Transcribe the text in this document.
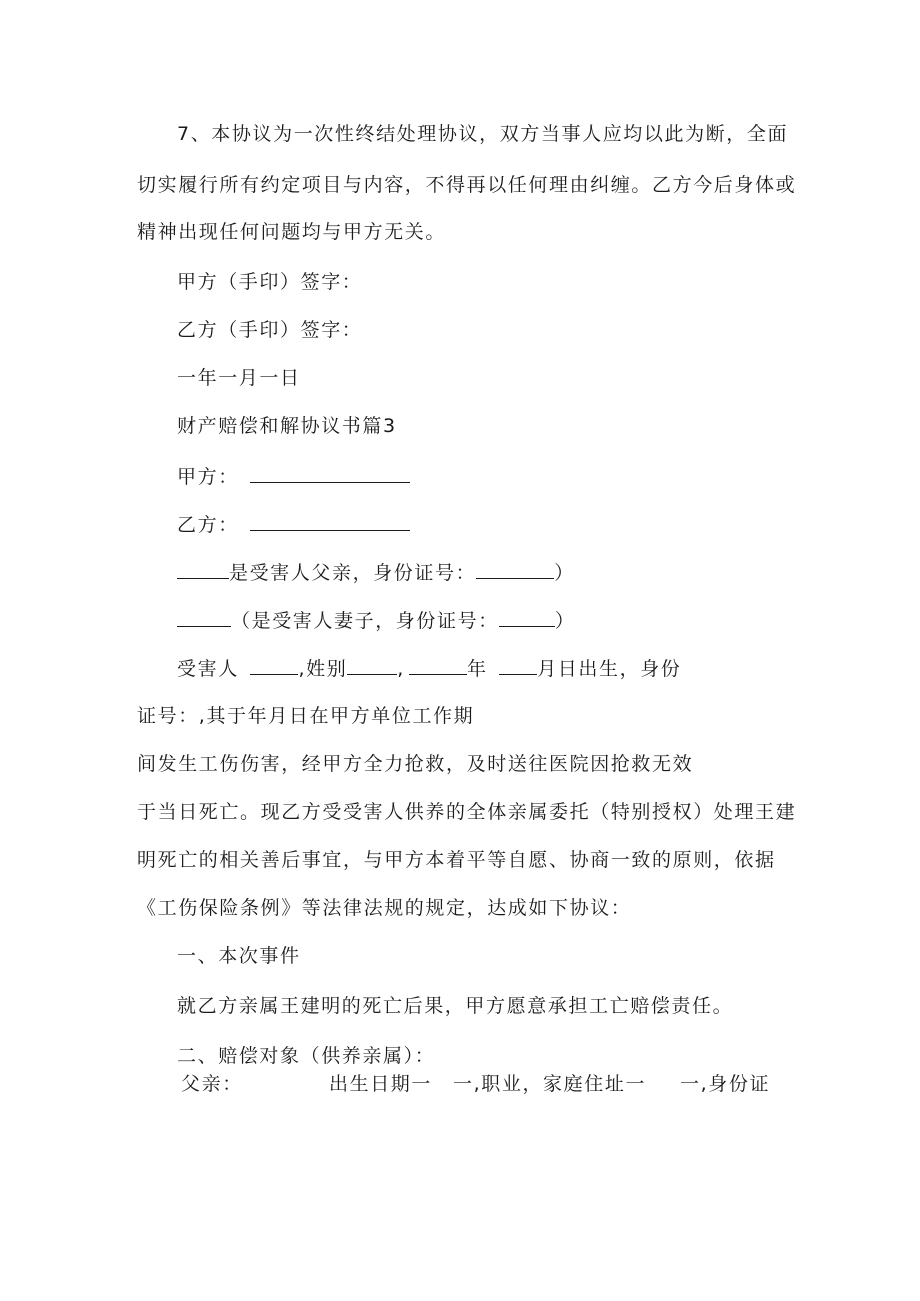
7、本协议为一次性终结处理协议，双方当事人应均以此为断，全面
切实履行所有约定项目与内容，不得再以任何理由纠缠。乙方今后身体或
精神出现任何问题均与甲方无关。
甲方（手印）签字：
乙方（手印）签字：
一年一月一日
财产赔偿和解协议书篇3
甲方：
乙方：
是受害人父亲，身份证号：	）
（是受害人妻子，身份证号：	）
受害人	,姓别	,	年	月日出生，身份
证号：,其于年月日在甲方单位工作期
间发生工伤伤害，经甲方全力抢救，及时送往医院因抢救无效
于当日死亡。现乙方受受害人供养的全体亲属委托（特别授权）处理王建
明死亡的相关善后事宜，与甲方本着平等自愿、协商一致的原则，依据
《工伤保险条例》等法律法规的规定，达成如下协议：
一、本次事件
就乙方亲属王建明的死亡后果，甲方愿意承担工亡赔偿责任。
二、赔偿对象（供养亲属）：
父亲：	出生日期一 一,职业，家庭住址一 一,身份证
